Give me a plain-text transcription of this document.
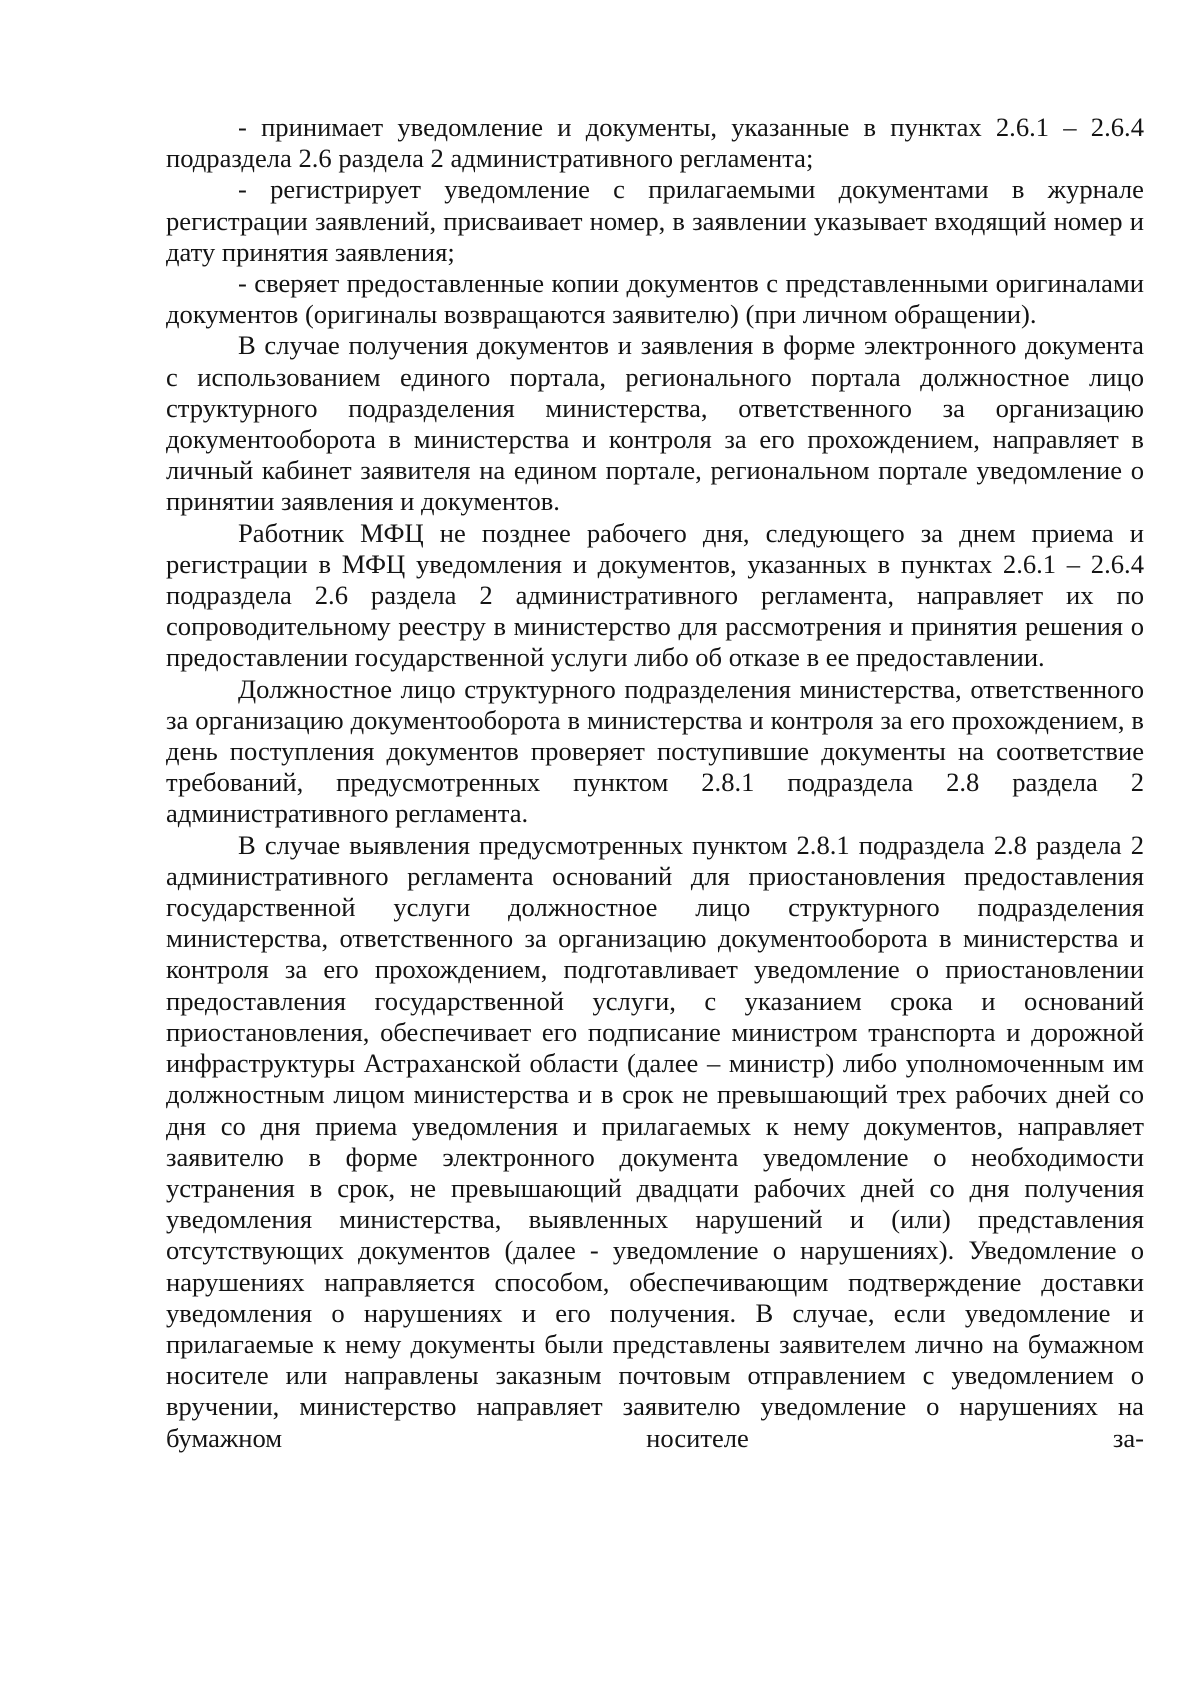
- принимает уведомление и документы, указанные в пунктах 2.6.1 – 2.6.4 подраздела 2.6 раздела 2 административного регламента;

- регистрирует уведомление с прилагаемыми документами в журнале регистрации заявлений, присваивает номер, в заявлении указывает входящий номер и дату принятия заявления;

- сверяет предоставленные копии документов с представленными оригиналами документов (оригиналы возвращаются заявителю) (при личном обращении).

В случае получения документов и заявления в форме электронного документа с использованием единого портала, регионального портала должностное лицо структурного подразделения министерства, ответственного за организацию документооборота в министерства и контроля за его прохождением, направляет в личный кабинет заявителя на едином портале, региональном портале уведомление о принятии заявления и документов.

Работник МФЦ не позднее рабочего дня, следующего за днем приема и регистрации в МФЦ уведомления и документов, указанных в пунктах 2.6.1 – 2.6.4 подраздела 2.6 раздела 2 административного регламента, направляет их по сопроводительному реестру в министерство для рассмотрения и принятия решения о предоставлении государственной услуги либо об отказе в ее предоставлении.

Должностное лицо структурного подразделения министерства, ответственного за организацию документооборота в министерства и контроля за его прохождением, в день поступления документов проверяет поступившие документы на соответствие требований, предусмотренных пунктом 2.8.1 подраздела 2.8 раздела 2 административного регламента.

В случае выявления предусмотренных пунктом 2.8.1 подраздела 2.8 раздела 2 административного регламента оснований для приостановления предоставления государственной услуги должностное лицо структурного подразделения министерства, ответственного за организацию документооборота в министерства и контроля за его прохождением, подготавливает уведомление о приостановлении предоставления государственной услуги, с указанием срока и оснований приостановления, обеспечивает его подписание министром транспорта и дорожной инфраструктуры Астраханской области (далее – министр) либо уполномоченным им должностным лицом министерства и в срок не превышающий трех рабочих дней со дня со дня приема уведомления и прилагаемых к нему документов, направляет заявителю в форме электронного документа уведомление о необходимости устранения в срок, не превышающий двадцати рабочих дней со дня получения уведомления министерства, выявленных нарушений и (или) представления отсутствующих документов (далее - уведомление о нарушениях). Уведомление о нарушениях направляется способом, обеспечивающим подтверждение доставки уведомления о нарушениях и его получения. В случае, если уведомление и прилагаемые к нему документы были представлены заявителем лично на бумажном носителе или направлены заказным почтовым отправлением с уведомлением о вручении, министерство направляет заявителю уведомление о нарушениях на бумажном носителе за-
